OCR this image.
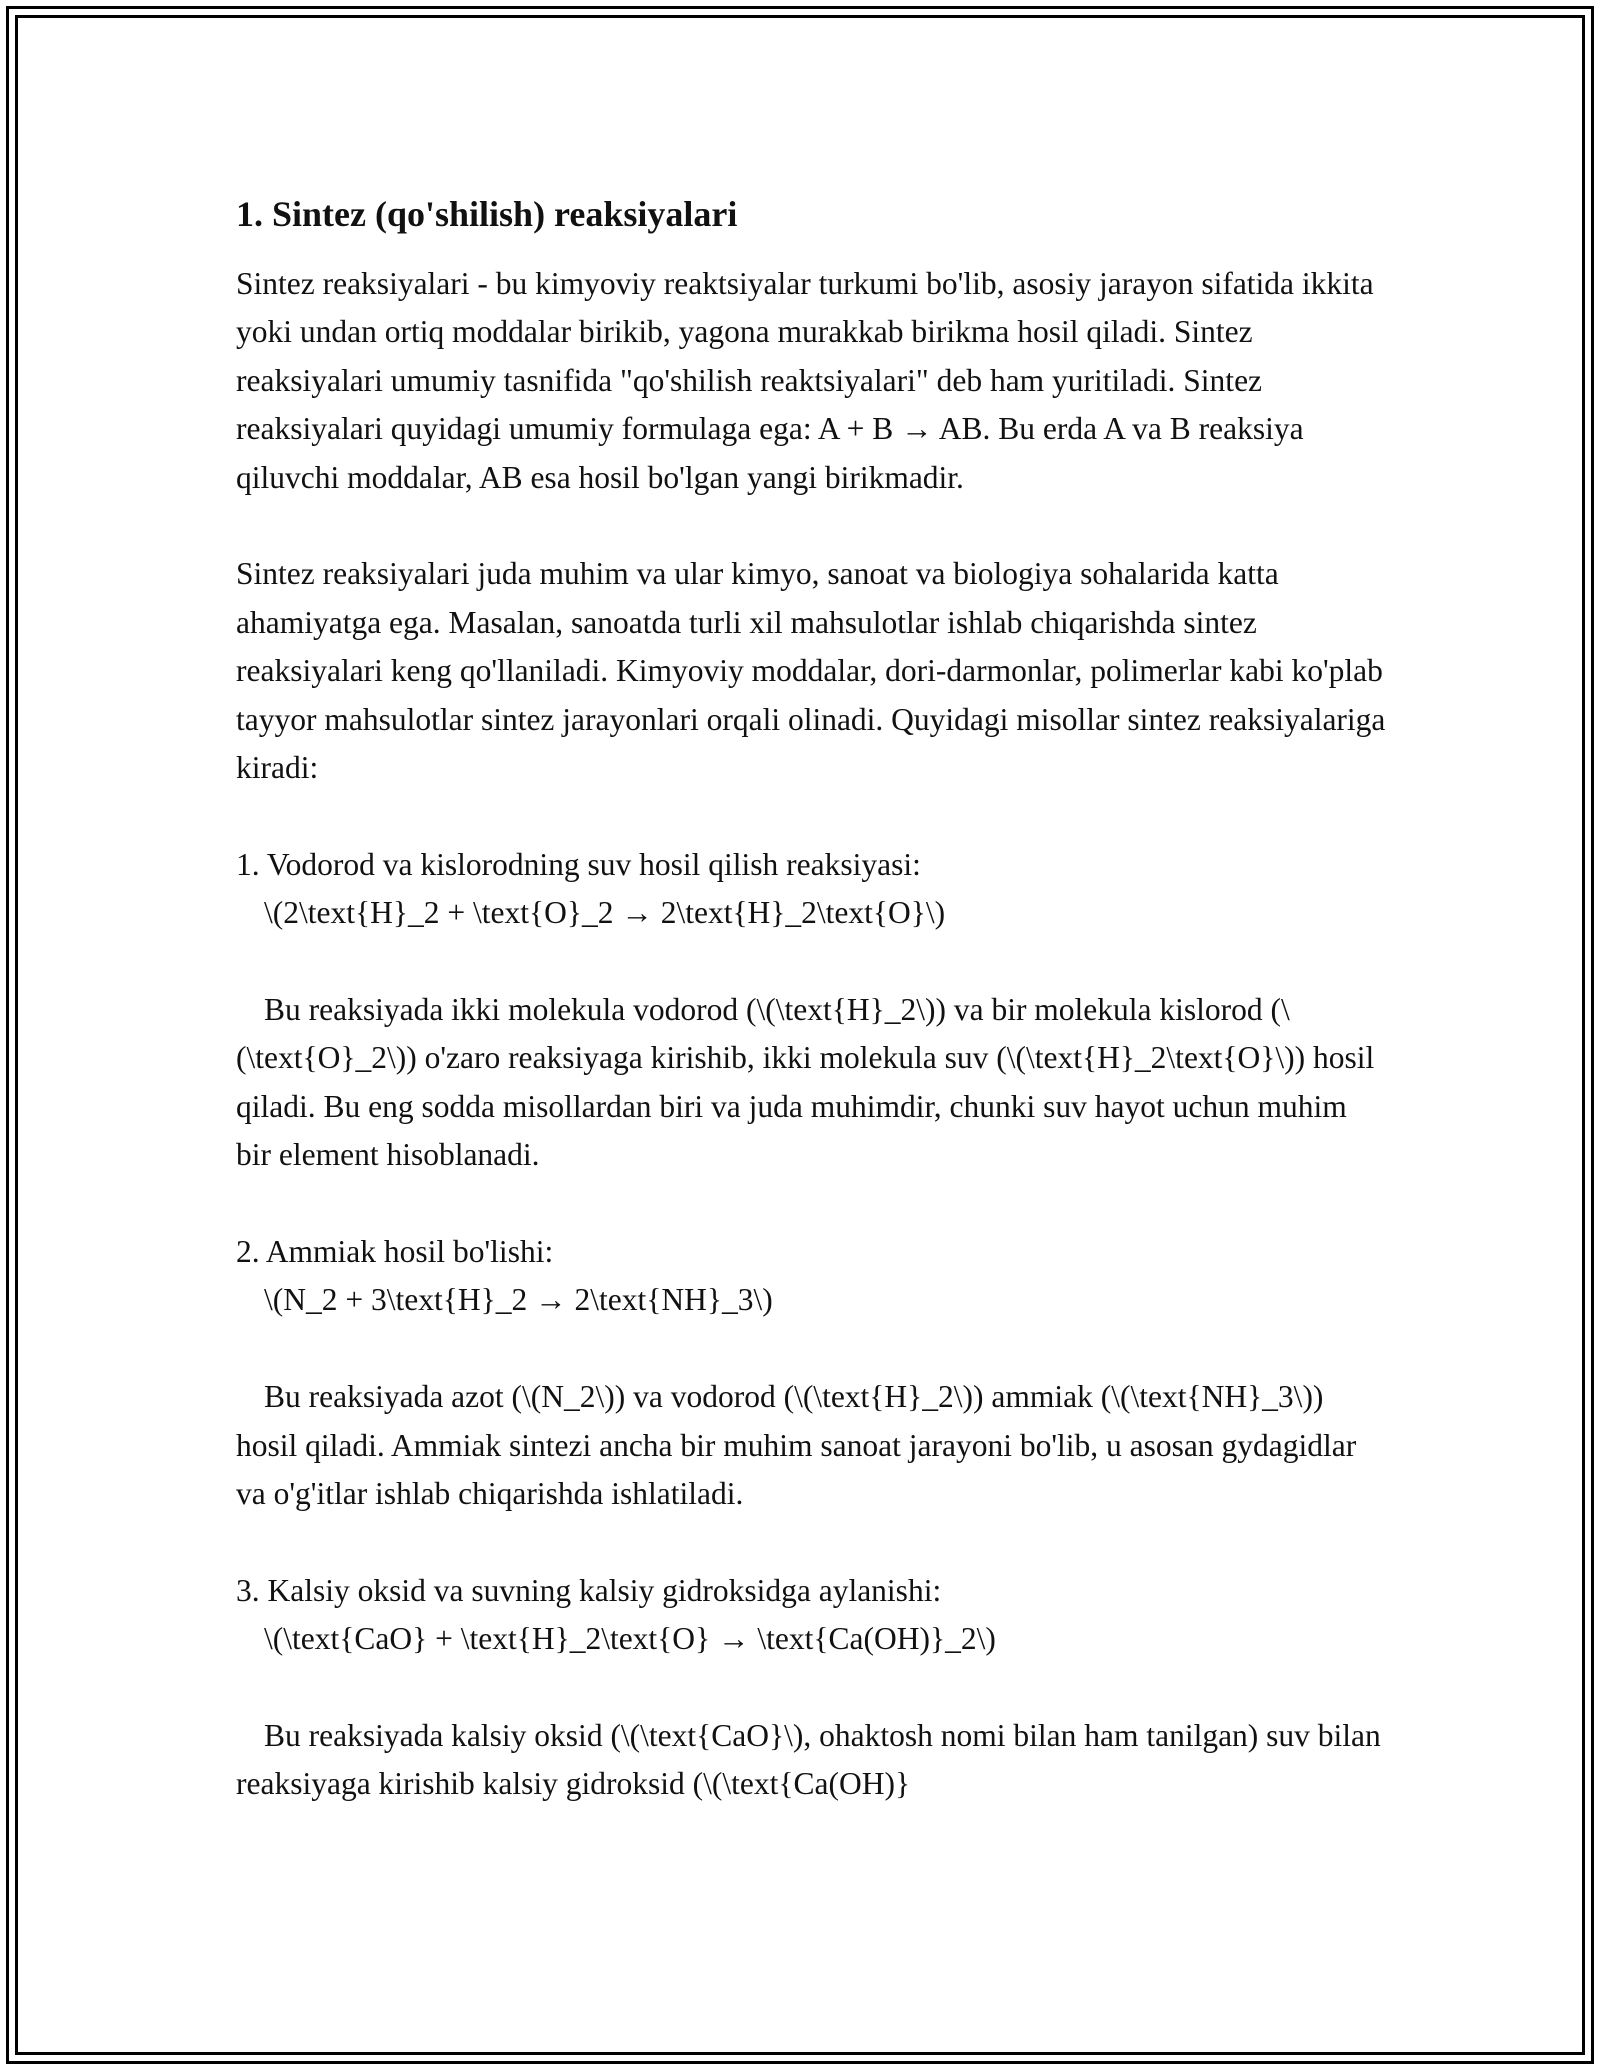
1. Sintez (qo'shilish) reaksiyalari

Sintez reaksiyalari - bu kimyoviy reaktsiyalar turkumi bo'lib, asosiy jarayon sifatida ikkita yoki undan ortiq moddalar birikib, yagona murakkab birikma hosil qiladi. Sintez reaksiyalari umumiy tasnifida "qo'shilish reaktsiyalari" deb ham yuritiladi. Sintez reaksiyalari quyidagi umumiy formulaga ega: A + B → AB. Bu erda A va B reaksiya qiluvchi moddalar, AB esa hosil bo'lgan yangi birikmadir.

Sintez reaksiyalari juda muhim va ular kimyo, sanoat va biologiya sohalarida katta ahamiyatga ega. Masalan, sanoatda turli xil mahsulotlar ishlab chiqarishda sintez reaksiyalari keng qo'llaniladi. Kimyoviy moddalar, dori-darmonlar, polimerlar kabi ko'plab tayyor mahsulotlar sintez jarayonlari orqali olinadi. Quyidagi misollar sintez reaksiyalariga kiradi:

1. Vodorod va kislorodning suv hosil qilish reaksiyasi:

\(2\text{H}_2 + \text{O}_2 → 2\text{H}_2\text{O}\)

Bu reaksiyada ikki molekula vodorod (\(\text{H}_2\)) va bir molekula kislorod (\(\text{O}_2\)) o'zaro reaksiyaga kirishib, ikki molekula suv (\(\text{H}_2\text{O}\)) hosil qiladi. Bu eng sodda misollardan biri va juda muhimdir, chunki suv hayot uchun muhim bir element hisoblanadi.

2. Ammiak hosil bo'lishi:

\(N_2 + 3\text{H}_2 → 2\text{NH}_3\)

Bu reaksiyada azot (\(N_2\)) va vodorod (\(\text{H}_2\)) ammiak (\(\text{NH}_3\)) hosil qiladi. Ammiak sintezi ancha bir muhim sanoat jarayoni bo'lib, u asosan gydagidlar va o'g'itlar ishlab chiqarishda ishlatiladi.

3. Kalsiy oksid va suvning kalsiy gidroksidga aylanishi:

\(\text{CaO} + \text{H}_2\text{O} → \text{Ca(OH)}_2\)

Bu reaksiyada kalsiy oksid (\(\text{CaO}\), ohaktosh nomi bilan ham tanilgan) suv bilan reaksiyaga kirishib kalsiy gidroksid (\(\text{Ca(OH)}
